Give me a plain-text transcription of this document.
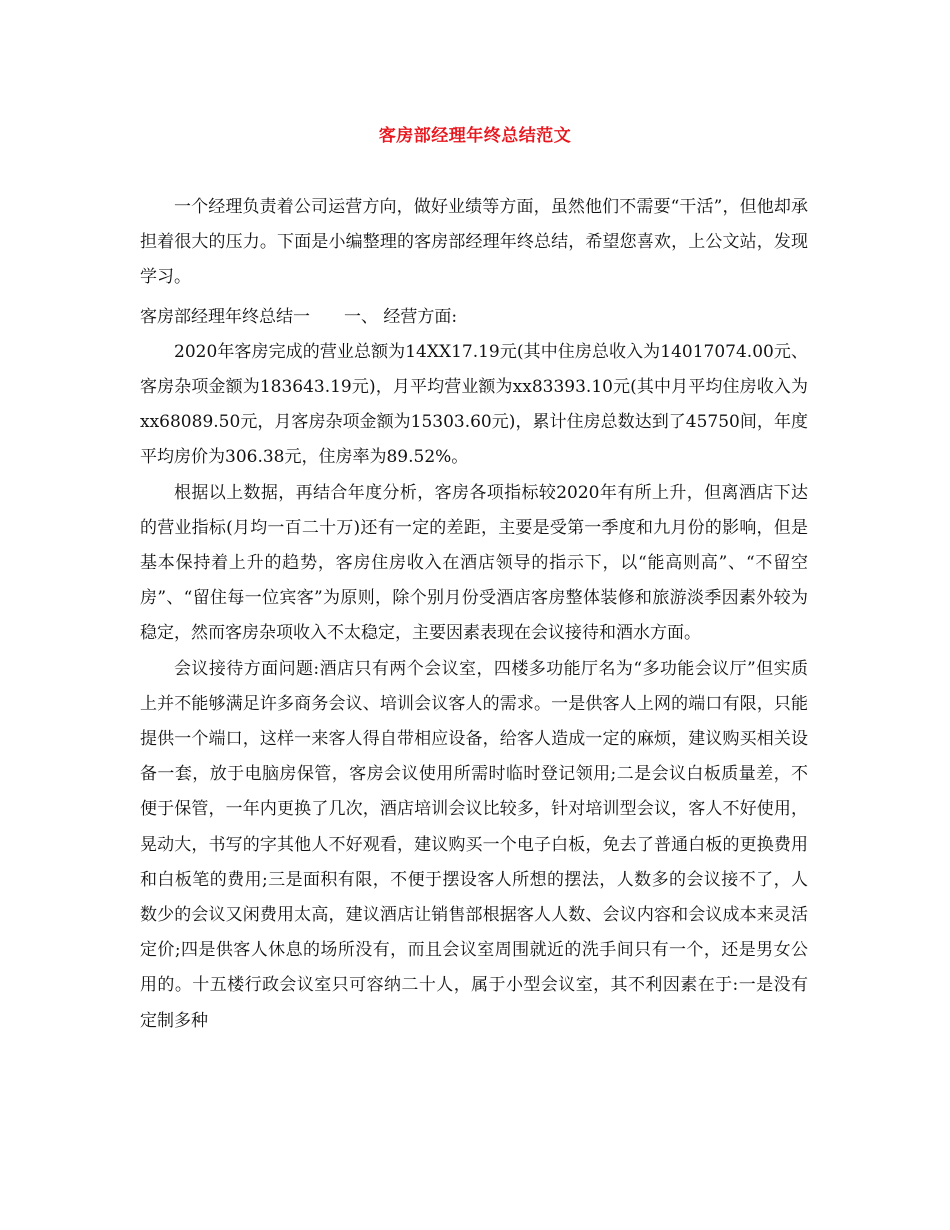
客房部经理年终总结范文

一个经理负责着公司运营方向，做好业绩等方面，虽然他们不需要“干活”，但他却承担着很大的压力。下面是小编整理的客房部经理年终总结，希望您喜欢，上公文站，发现学习。

客房部经理年终总结一 一、 经营方面:

2020年客房完成的营业总额为14XX17.19元(其中住房总收入为14017074.00元、客房杂项金额为183643.19元)，月平均营业额为xx83393.10元(其中月平均住房收入为xx68089.50元，月客房杂项金额为15303.60元)，累计住房总数达到了45750间，年度平均房价为306.38元，住房率为89.52%。

根据以上数据，再结合年度分析，客房各项指标较2020年有所上升，但离酒店下达的营业指标(月均一百二十万)还有一定的差距，主要是受第一季度和九月份的影响，但是基本保持着上升的趋势，客房住房收入在酒店领导的指示下，以“能高则高”、“不留空房”、“留住每一位宾客”为原则，除个别月份受酒店客房整体装修和旅游淡季因素外较为稳定，然而客房杂项收入不太稳定，主要因素表现在会议接待和酒水方面。

会议接待方面问题:酒店只有两个会议室，四楼多功能厅名为“多功能会议厅”但实质上并不能够满足许多商务会议、培训会议客人的需求。一是供客人上网的端口有限，只能提供一个端口，这样一来客人得自带相应设备，给客人造成一定的麻烦，建议购买相关设备一套，放于电脑房保管，客房会议使用所需时临时登记领用;二是会议白板质量差，不便于保管，一年内更换了几次，酒店培训会议比较多，针对培训型会议，客人不好使用，晃动大，书写的字其他人不好观看，建议购买一个电子白板，免去了普通白板的更换费用和白板笔的费用;三是面积有限，不便于摆设客人所想的摆法，人数多的会议接不了，人数少的会议又闲费用太高，建议酒店让销售部根据客人人数、会议内容和会议成本来灵活定价;四是供客人休息的场所没有，而且会议室周围就近的洗手间只有一个，还是男女公用的。十五楼行政会议室只可容纳二十人，属于小型会议室，其不利因素在于:一是没有定制多种
